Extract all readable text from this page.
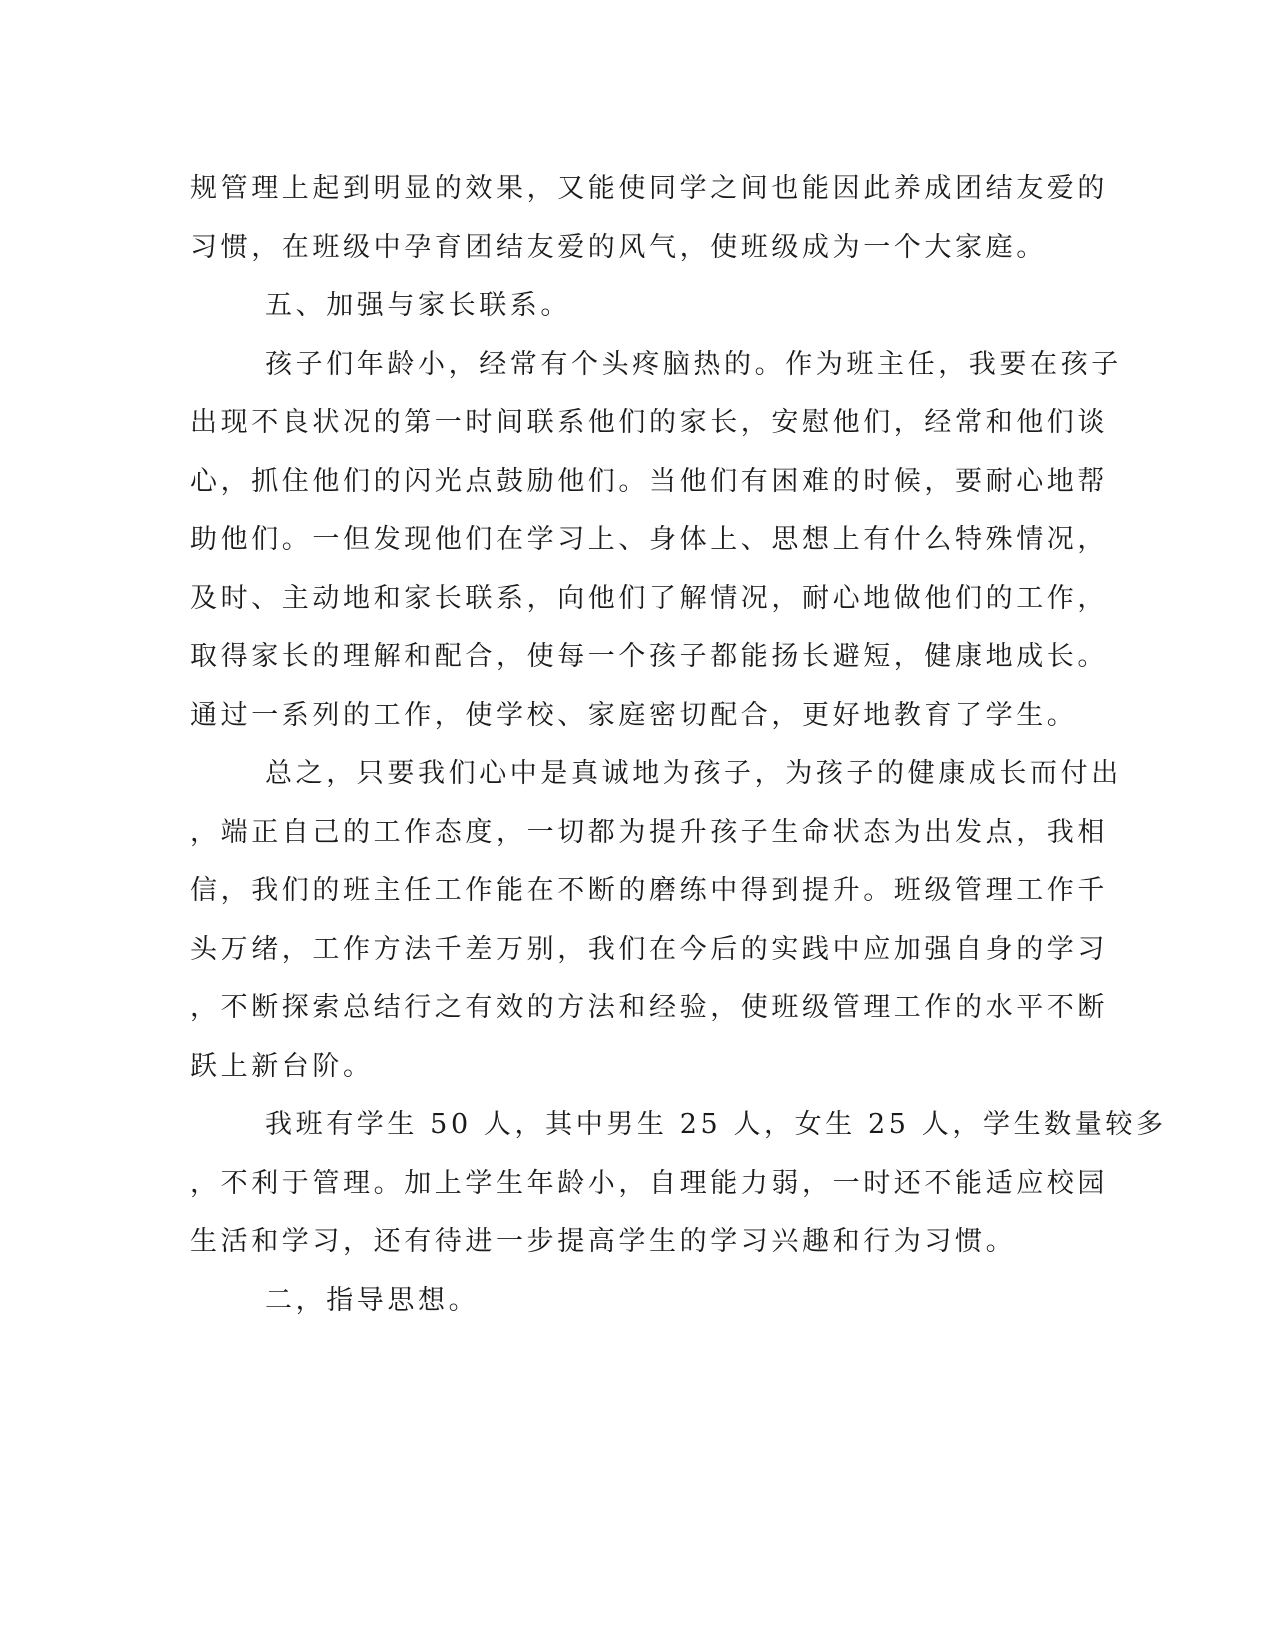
规管理上起到明显的效果，又能使同学之间也能因此养成团结友爱的
习惯，在班级中孕育团结友爱的风气，使班级成为一个大家庭。
五、加强与家长联系。
孩子们年龄小，经常有个头疼脑热的。作为班主任，我要在孩子
出现不良状况的第一时间联系他们的家长，安慰他们，经常和他们谈
心，抓住他们的闪光点鼓励他们。当他们有困难的时候，要耐心地帮
助他们。一但发现他们在学习上、身体上、思想上有什么特殊情况，
及时、主动地和家长联系，向他们了解情况，耐心地做他们的工作，
取得家长的理解和配合，使每一个孩子都能扬长避短，健康地成长。
通过一系列的工作，使学校、家庭密切配合，更好地教育了学生。
总之，只要我们心中是真诚地为孩子，为孩子的健康成长而付出
，端正自己的工作态度，一切都为提升孩子生命状态为出发点，我相
信，我们的班主任工作能在不断的磨练中得到提升。班级管理工作千
头万绪，工作方法千差万别，我们在今后的实践中应加强自身的学习
，不断探索总结行之有效的方法和经验，使班级管理工作的水平不断
跃上新台阶。
我班有学生 50 人，其中男生 25 人，女生 25 人，学生数量较多
，不利于管理。加上学生年龄小，自理能力弱，一时还不能适应校园
生活和学习，还有待进一步提高学生的学习兴趣和行为习惯。
二，指导思想。
